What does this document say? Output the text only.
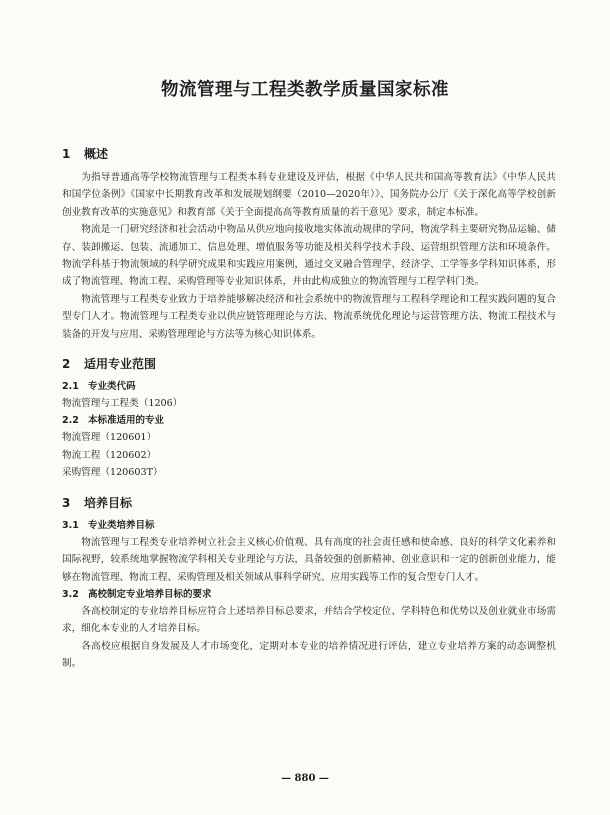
物流管理与工程类教学质量国家标准
1 概述

为指导普通高等学校物流管理与工程类本科专业建设及评估，根据《中华人民共和国高等教育法》《中华人民共和国学位条例》《国家中长期教育改革和发展规划纲要（2010—2020年）》、国务院办公厅《关于深化高等学校创新创业教育改革的实施意见》和教育部《关于全面提高高等教育质量的若干意见》要求，制定本标准。

物流是一门研究经济和社会活动中物品从供应地向接收地实体流动规律的学问，物流学科主要研究物品运输、储存、装卸搬运、包装、流通加工、信息处理、增值服务等功能及相关科学技术手段、运营组织管理方法和环境条件。物流学科基于物流领域的科学研究成果和实践应用案例，通过交叉融合管理学、经济学、工学等多学科知识体系，形成了物流管理、物流工程、采购管理等专业知识体系，并由此构成独立的物流管理与工程学科门类。

物流管理与工程类专业致力于培养能够解决经济和社会系统中的物流管理与工程科学理论和工程实践问题的复合型专门人才。物流管理与工程类专业以供应链管理理论与方法、物流系统优化理论与运营管理方法、物流工程技术与装备的开发与应用、采购管理理论与方法等为核心知识体系。

2 适用专业范围
2.1 专业类代码

物流管理与工程类（1206）

2.2 本标准适用的专业

物流管理（120601）

物流工程（120602）

采购管理（120603T）

3 培养目标
3.1 专业类培养目标

物流管理与工程类专业培养树立社会主义核心价值观、具有高度的社会责任感和使命感、良好的科学文化素养和国际视野，较系统地掌握物流学科相关专业理论与方法，具备较强的创新精神、创业意识和一定的创新创业能力，能够在物流管理、物流工程、采购管理及相关领域从事科学研究、应用实践等工作的复合型专门人才。

3.2 高校制定专业培养目标的要求

各高校制定的专业培养目标应符合上述培养目标总要求，并结合学校定位、学科特色和优势以及创业就业市场需求，细化本专业的人才培养目标。

各高校应根据自身发展及人才市场变化，定期对本专业的培养情况进行评估，建立专业培养方案的动态调整机制。

— 880 —
